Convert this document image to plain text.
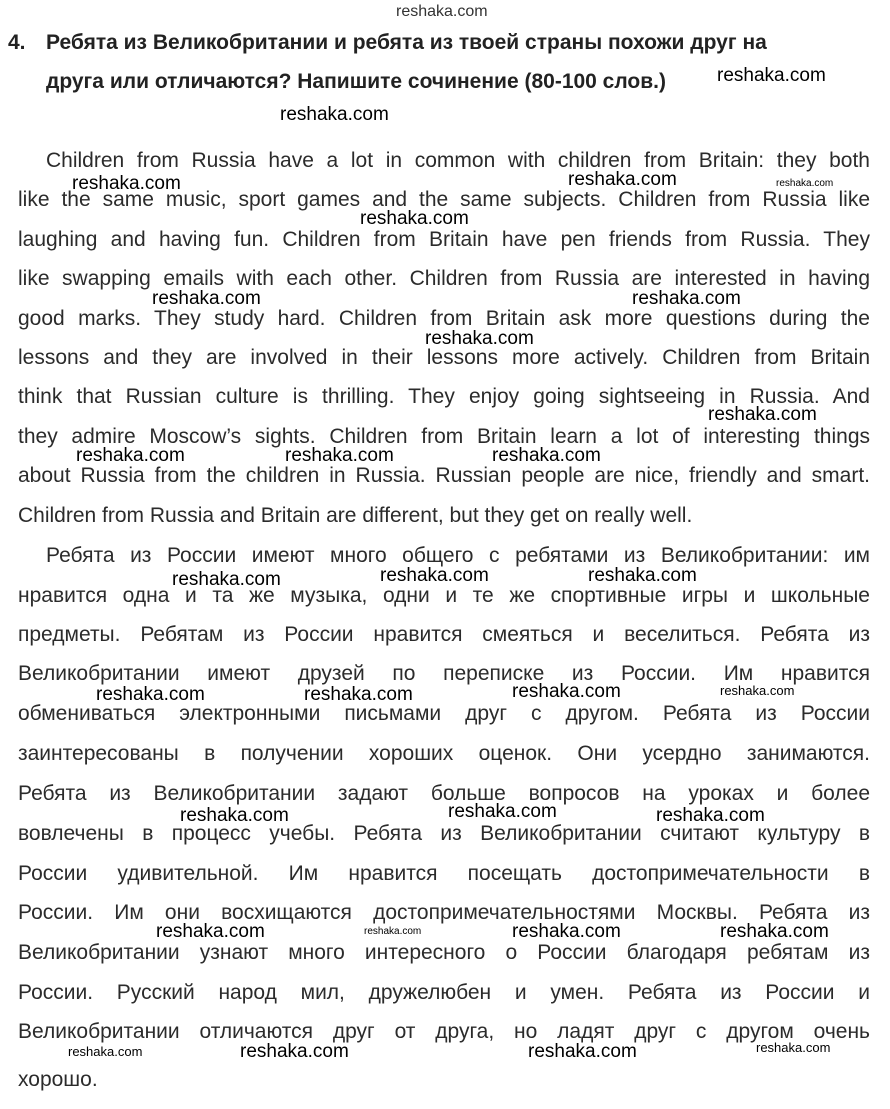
4. Ребята из Великобритании и ребята из твоей страны похожи друг на
друга или отличаются? Напишите сочинение (80-100 слов.)
Children from Russia have a lot in common with children from Britain: they both
like the same music, sport games and the same subjects. Children from Russia like
laughing and having fun. Children from Britain have pen friends from Russia. They
like swapping emails with each other. Children from Russia are interested in having
good marks. They study hard. Children from Britain ask more questions during the
lessons and they are involved in their lessons more actively. Children from Britain
think that Russian culture is thrilling. They enjoy going sightseeing in Russia. And
they admire Moscow’s sights. Children from Britain learn a lot of interesting things
about Russia from the children in Russia. Russian people are nice, friendly and smart.
Children from Russia and Britain are different, but they get on really well.
Ребята из России имеют много общего с ребятами из Великобритании: им
нравится одна и та же музыка, одни и те же спортивные игры и школьные
предметы. Ребятам из России нравится смеяться и веселиться. Ребята из
Великобритании имеют друзей по переписке из России. Им нравится
обмениваться электронными письмами друг с другом. Ребята из России
заинтересованы в получении хороших оценок. Они усердно занимаются.
Ребята из Великобритании задают больше вопросов на уроках и более
вовлечены в процесс учебы. Ребята из Великобритании считают культуру в
России удивительной. Им нравится посещать достопримечательности в
России. Им они восхищаются достопримечательностями Москвы. Ребята из
Великобритании узнают много интересного о России благодаря ребятам из
России. Русский народ мил, дружелюбен и умен. Ребята из России и
Великобритании отличаются друг от друга, но ладят друг с другом очень
хорошо.
reshaka.com
reshaka.com
reshaka.com
reshaka.com	reshaka.com	reshaka.com
reshaka.com
reshaka.com	reshaka.com
reshaka.com
reshaka.com
reshaka.com	reshaka.com	reshaka.com
reshaka.com	reshaka.com
reshaka.com
reshaka.com	reshaka.com
reshaka.com	reshaka.com
reshaka.com
reshaka.com	reshaka.com
reshaka.com	reshaka.com	reshaka.com	reshaka.com
reshaka.com	reshaka.com	reshaka.com	reshaka.com
